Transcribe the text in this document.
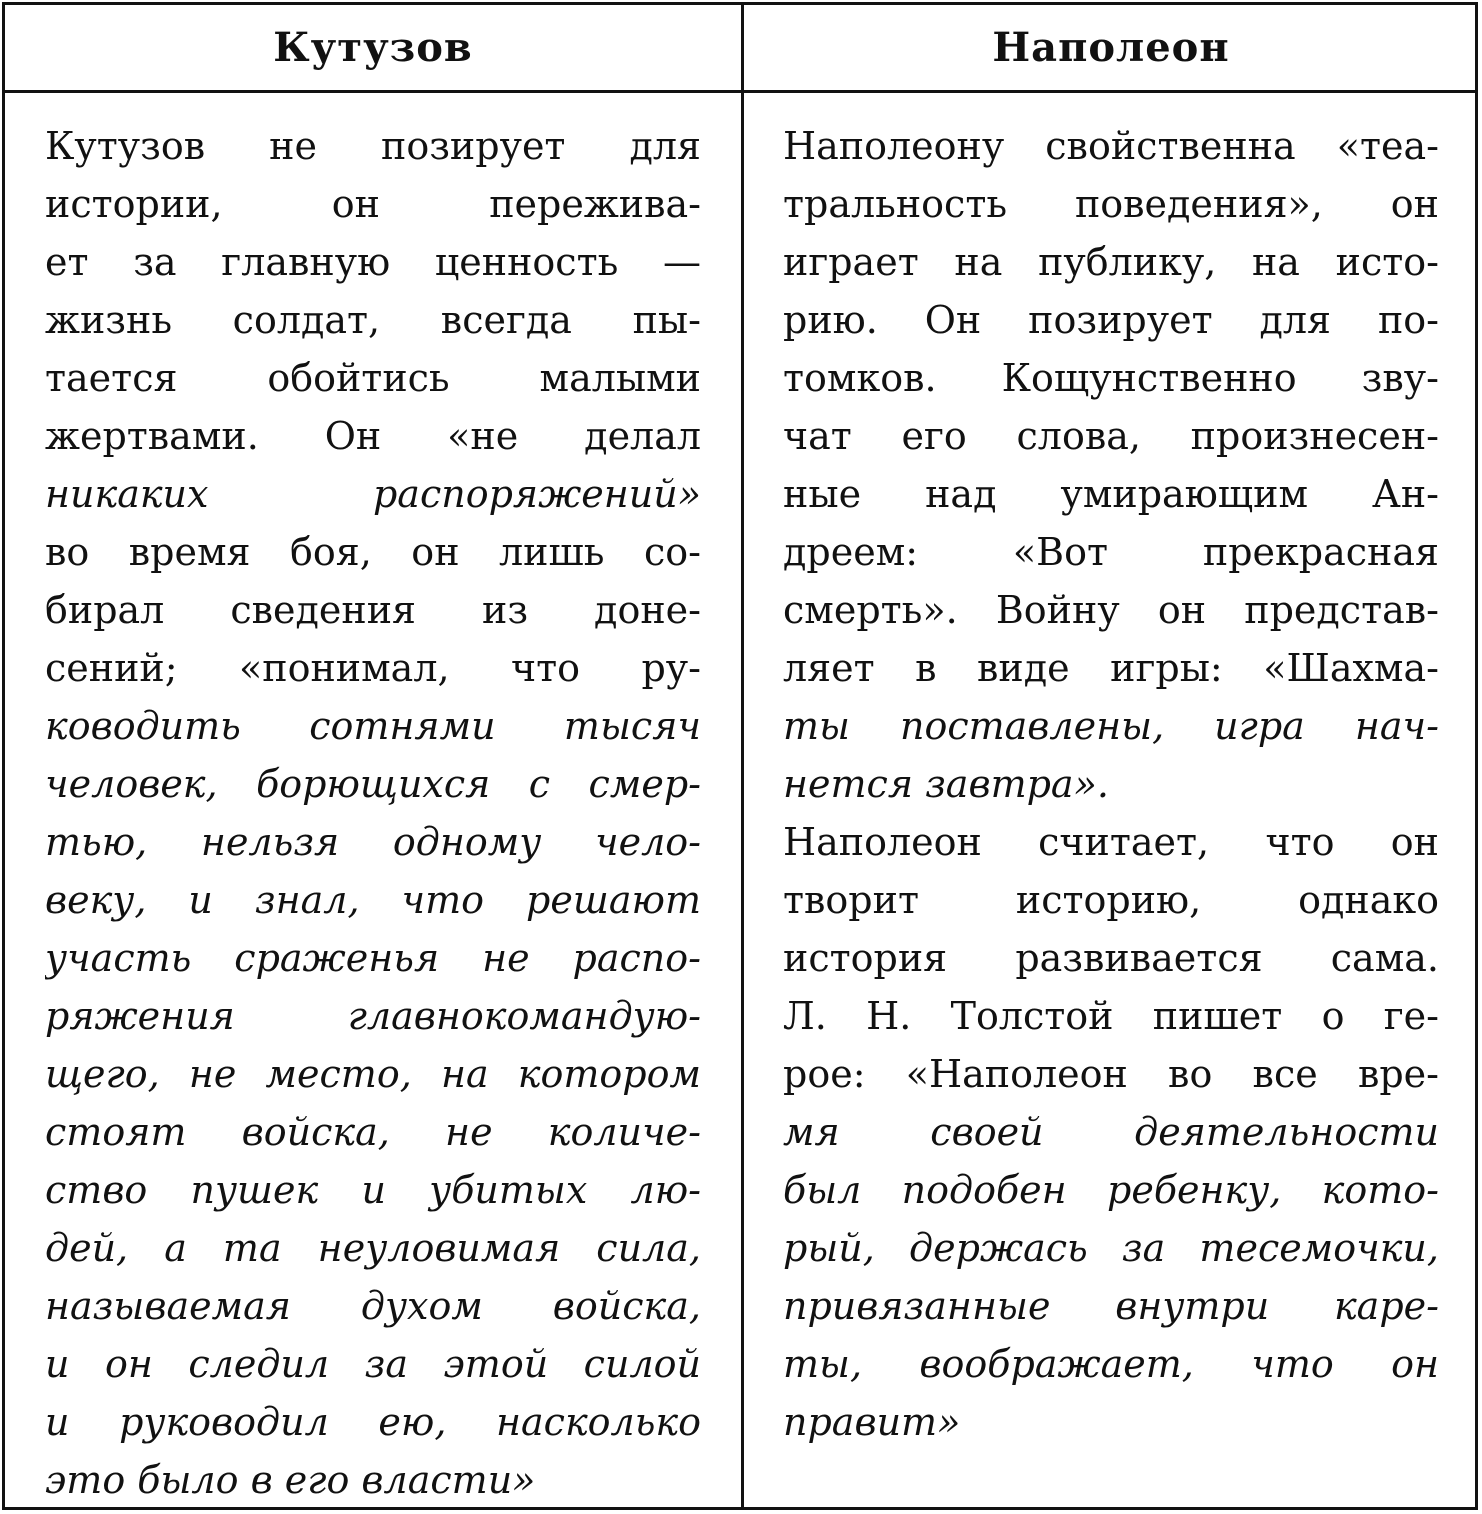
Кутузов	Наполеон
Кутузов не позирует для
истории, он пережива-
ет за главную ценность —
жизнь солдат, всегда пы-
тается обойтись малыми
жертвами. Он «не делал
никаких распоряжений»
во время боя, он лишь со-
бирал сведения из доне-
сений; «понимал, что ру-
ководить сотнями тысяч
человек, борющихся с смер-
тью, нельзя одному чело-
веку, и знал, что решают
участь сраженья не распо-
ряжения главнокомандую-
щего, не место, на котором
стоят войска, не количе-
ство пушек и убитых лю-
дей, а та неуловимая сила,
называемая духом войска,
и он следил за этой силой
и руководил ею, насколько
это было в его власти»
Наполеону свойственна «теа-
тральность поведения», он
играет на публику, на исто-
рию. Он позирует для по-
томков. Кощунственно зву-
чат его слова, произнесен-
ные над умирающим Ан-
дреем: «Вот прекрасная
смерть». Войну он представ-
ляет в виде игры: «Шахма-
ты поставлены, игра нач-
нется завтра».
Наполеон считает, что он
творит историю, однако
история развивается сама.
Л. Н. Толстой пишет о ге-
рое: «Наполеон во все вре-
мя своей деятельности
был подобен ребенку, кото-
рый, держась за тесемочки,
привязанные внутри каре-
ты, воображает, что он
правит»
